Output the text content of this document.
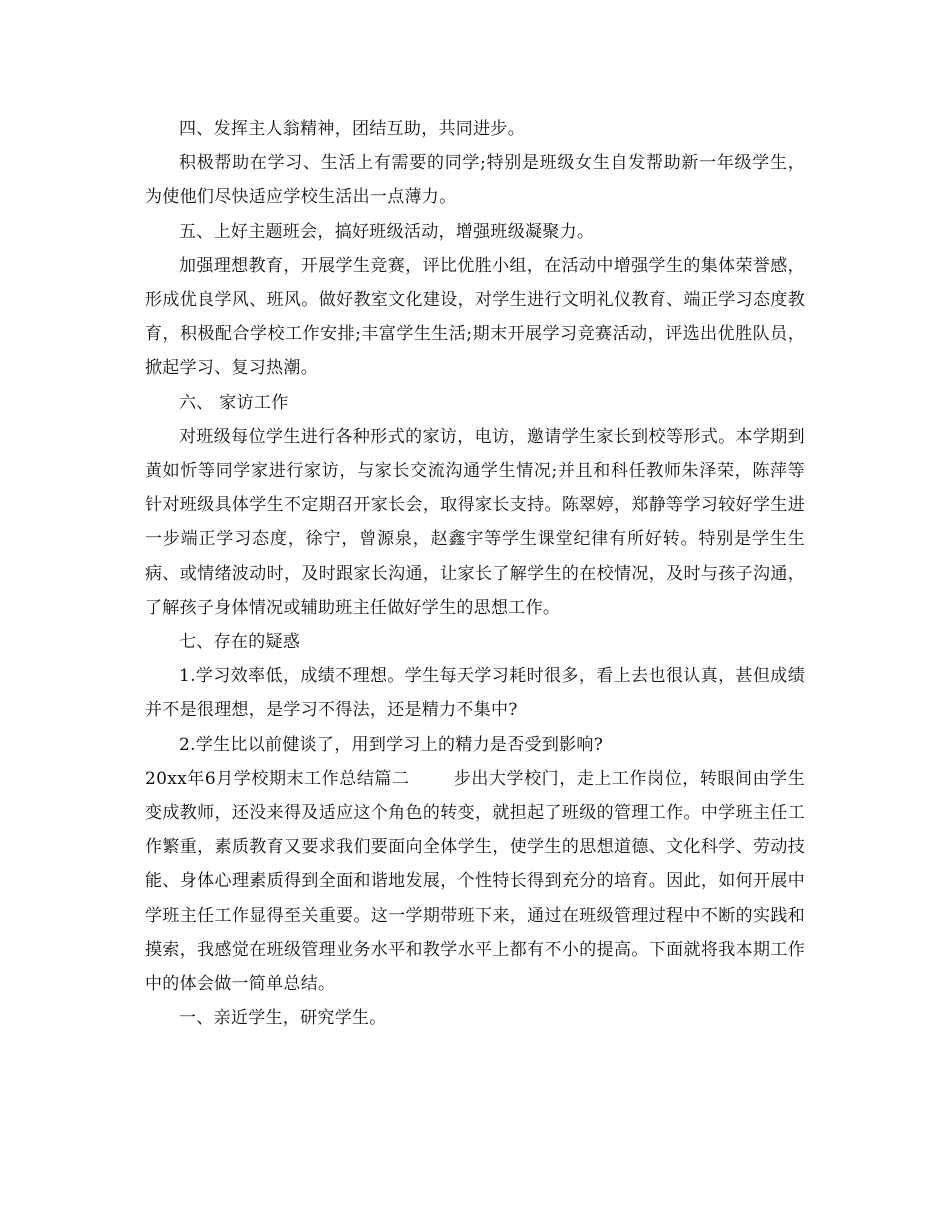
四、发挥主人翁精神，团结互助，共同进步。

积极帮助在学习、生活上有需要的同学;特别是班级女生自发帮助新一年级学生，为使他们尽快适应学校生活出一点薄力。

五、上好主题班会，搞好班级活动，增强班级凝聚力。

加强理想教育，开展学生竞赛，评比优胜小组，在活动中增强学生的集体荣誉感，形成优良学风、班风。做好教室文化建设，对学生进行文明礼仪教育、端正学习态度教育，积极配合学校工作安排;丰富学生生活;期末开展学习竞赛活动，评选出优胜队员，掀起学习、复习热潮。

六、 家访工作

对班级每位学生进行各种形式的家访，电访，邀请学生家长到校等形式。本学期到黄如忻等同学家进行家访，与家长交流沟通学生情况;并且和科任教师朱泽荣，陈萍等针对班级具体学生不定期召开家长会，取得家长支持。陈翠婷，郑静等学习较好学生进一步端正学习态度，徐宁，曾源泉，赵鑫宇等学生课堂纪律有所好转。特别是学生生病、或情绪波动时，及时跟家长沟通，让家长了解学生的在校情况，及时与孩子沟通，了解孩子身体情况或辅助班主任做好学生的思想工作。

七、存在的疑惑

1.学习效率低，成绩不理想。学生每天学习耗时很多，看上去也很认真，甚但成绩并不是很理想，是学习不得法，还是精力不集中?

2.学生比以前健谈了，用到学习上的精力是否受到影响?

20xx年6月学校期末工作总结篇二	步出大学校门，走上工作岗位，转眼间由学生变成教师，还没来得及适应这个角色的转变，就担起了班级的管理工作。中学班主任工作繁重，素质教育又要求我们要面向全体学生，使学生的思想道德、文化科学、劳动技能、身体心理素质得到全面和谐地发展，个性特长得到充分的培育。因此，如何开展中学班主任工作显得至关重要。这一学期带班下来，通过在班级管理过程中不断的实践和摸索，我感觉在班级管理业务水平和教学水平上都有不小的提高。下面就将我本期工作中的体会做一简单总结。

一、亲近学生，研究学生。
